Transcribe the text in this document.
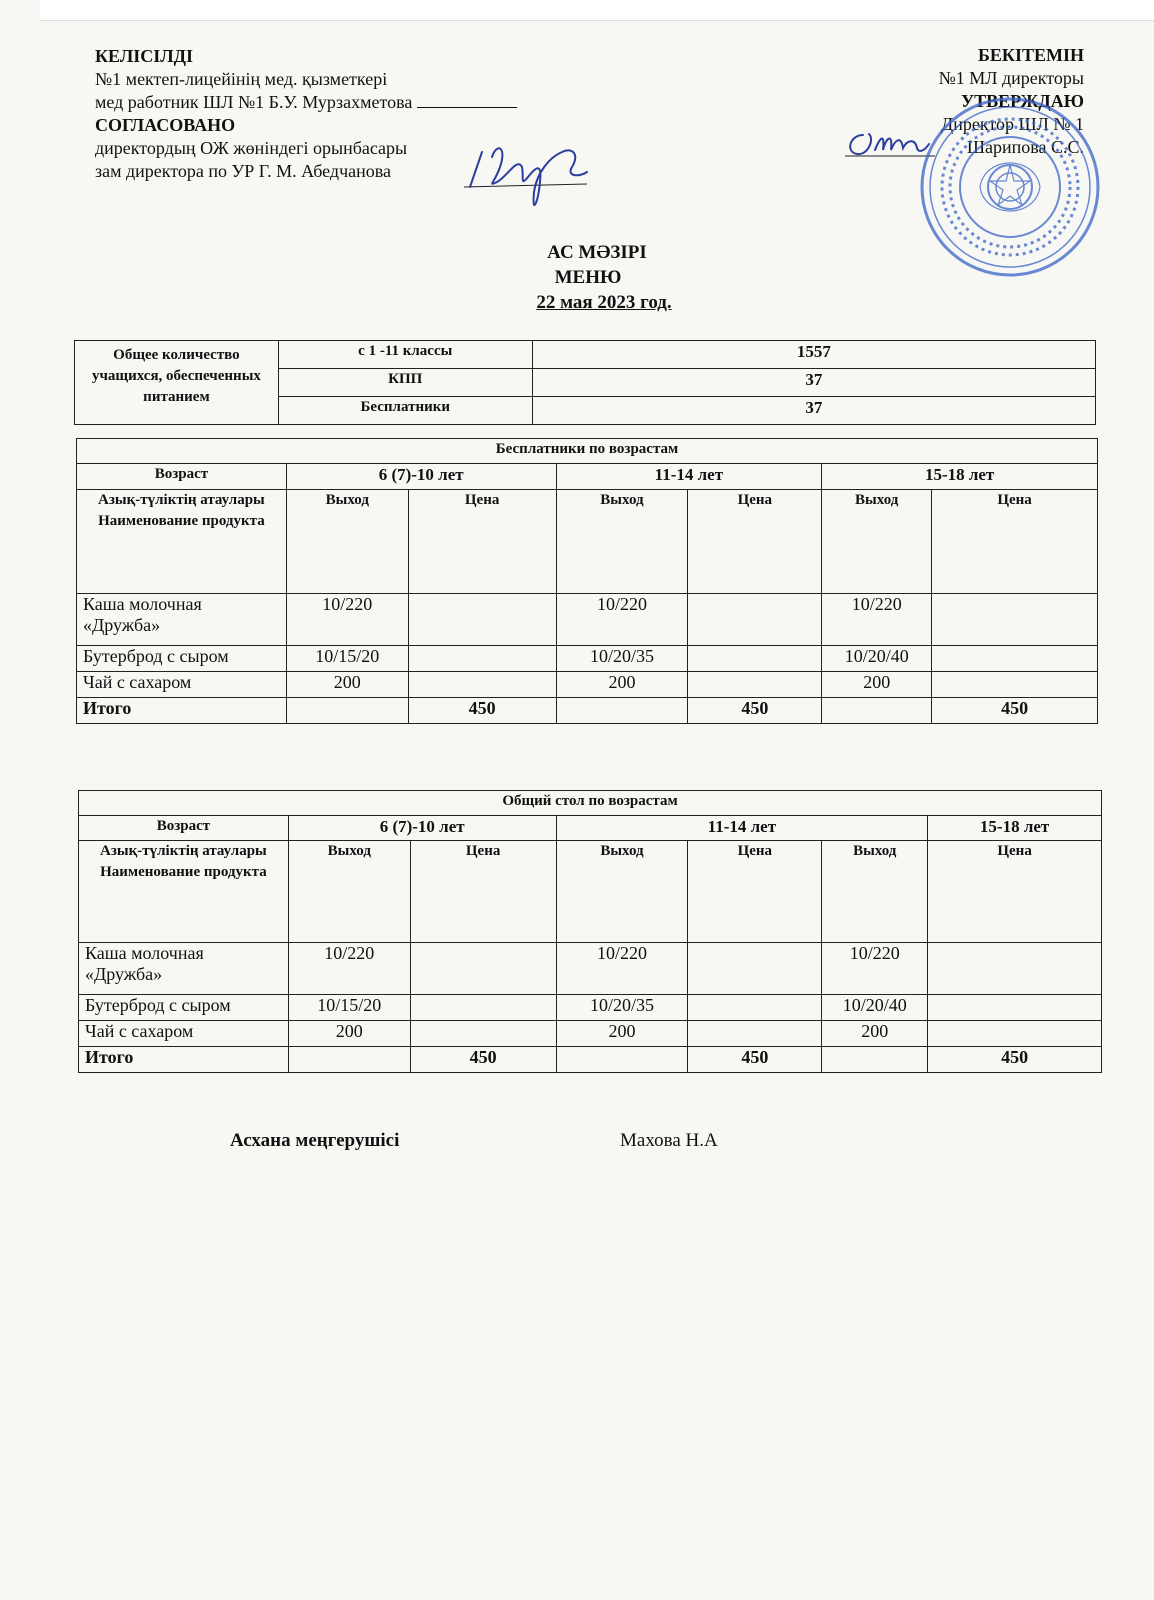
КЕЛІСІЛДІ
№1 мектеп-лицейінің мед. қызметкері
мед работник ШЛ №1 Б.У. Мурзахметова
СОГЛАСОВАНО
директордың ОЖ жөніндегі орынбасары
зам директора по УР Г. М. Абедчанова
БЕКІТЕМІН
№1 МЛ директоры
УТВЕРЖДАЮ
Директор ШЛ № 1
Шарипова С.С.
АС МӘЗІРІ
МЕНЮ
22 мая 2023 год.
Общее количество учащихся, обеспеченных питанием	с 1 -11 классы	1557
	КПП	37
	Бесплатники	37
Бесплатники по возрастам						
Возраст	6 (7)-10 лет		11-14 лет		15-18 лет	
Азық-түліктің атаулары Наименование продукта	Выход	Цена	Выход	Цена	Выход	Цена
Каша молочная «Дружба»	10/220		10/220		10/220	
Бутерброд с сыром	10/15/20		10/20/35		10/20/40	
Чай с сахаром	200		200		200	
Итого		450		450		450
Общий стол по возрастам						
Возраст	6 (7)-10 лет		11-14 лет			15-18 лет
Азық-түліктің атаулары Наименование продукта	Выход	Цена	Выход	Цена	Выход	Цена
Каша молочная «Дружба»	10/220		10/220		10/220	
Бутерброд с сыром	10/15/20		10/20/35		10/20/40	
Чай с сахаром	200		200		200	
Итого		450		450		450
Асхана меңгерушісі	Махова Н.А
